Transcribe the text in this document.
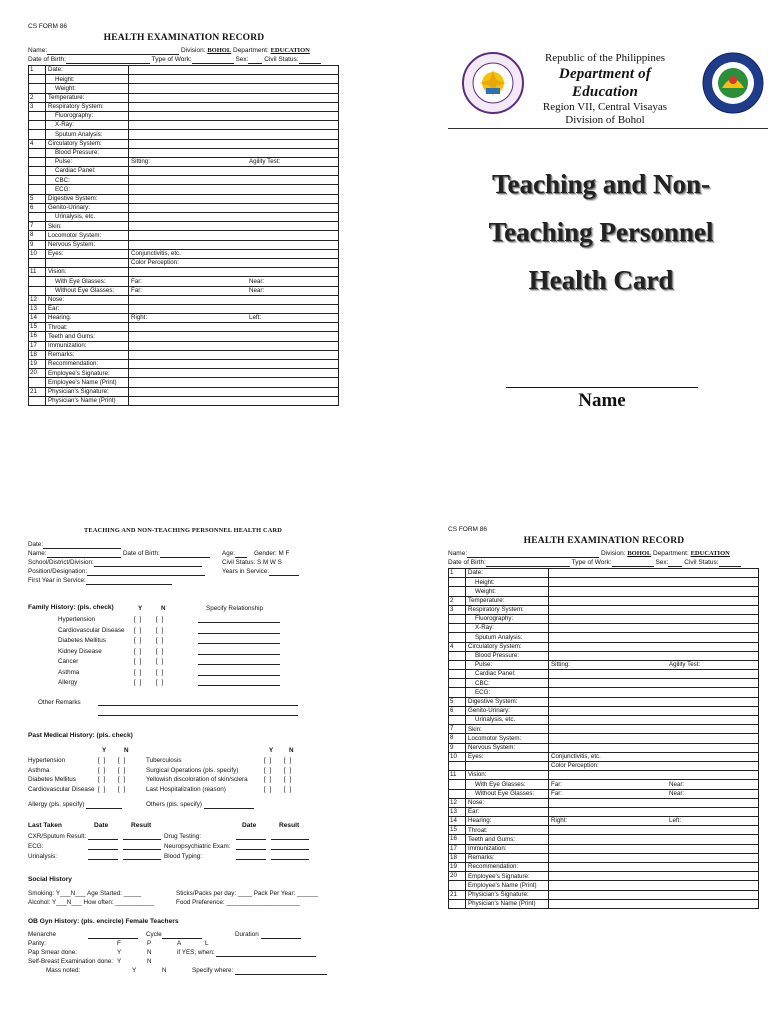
CS FORM 86
HEALTH EXAMINATION RECORD
Name:	Division: BOHOL Department: EDUCATION
Date of Birth:	Type of Work:	Sex: Civil Status:
1	Date:	

	Height:	

	Weight:	

2	Temperature:	

3	Respiratory System:	

	Fluorography:	

	X-Ray:	

	Sputum Analysis:	

4	Circulatory System:	

	Blood Pressure:	

	Pulse:	Sitting: Agility Test:

	Cardiac Panel:	

	CBC:	

	ECG:	

5	Digestive System:	

6	Genito-Urinary:	

	Urinalysis, etc.	

7	Skin:	

8	Locomotor System:	

9	Nervous System:	

10	Eyes:	Conjunctivitis, etc.

		Color Perception:

11	Vision:	

	With Eye Glasses:	Far: Near:

	Without Eye Glasses:	Far: Near:

12	Nose:	

13	Ear:	

14	Hearing:	Right: Left:

15	Throat:	

16	Teeth and Gums:	

17	Immunization:	

18	Remarks:	

19	Recommendation:	

20	Employee's Signature:	

	Employee's Name (Print)	

21	Physician's Signature:	

	Physician's Name (Print)	
Republic of the Philippines
Department of Education
Region VII, Central Visayas
Division of Bohol
Teaching and Non-
Teaching Personnel
Health Card
Name
TEACHING AND NON-TEACHING PERSONNEL HEALTH CARD
Date:
Name:	Date of Birth:	Age:	Gender: M F
School/District/Division:	Civil Status: S M W S
Position/Designation:	Years in Service:
First Year in Service:
Family History: (pls. check)	Y	N	Specify Relationship
Hypertension	[ ] [ ]
Cardiovascular Disease [ ] [ ]
Diabetes Mellitus	[ ] [ ]
Kidney Disease	[ ] [ ]
Cancer	[ ] [ ]
Asthma	[ ] [ ]
Allergy	[ ] [ ]
Other Remarks
Past Medical History: (pls. check)
Y	N	Y	N
Hypertension	[ ] [ ]	Tuberculosis	[ ] [ ]
Asthma	[ ] [ ]	Surgical Operations (pls. specify)	[ ] [ ]
Diabetes Mellitus	[ ] [ ]	Yellowish discoloration of skin/sclera	[ ] [ ]
Cardiovascular Disease [ ] [ ]	Last Hospitalization (reason)	[ ] [ ]
Allergy (pls. specify)	Others (pls. specify)
Last Taken	Date	Result	Date	Result
CXR/Sputum Result:	Drug Testing:
ECG:	Neuropsychiatric Exam:
Urinalysis:	Blood Typing:
Social History
Smoking: Y___N___ Age Started: _____	Sticks/Packs per day: ____ Pack Per Year: ______
Alcohol: Y___N___ How often: ___________	Food Preference: _____________________
OB Gyn History: (pls. encircle) Female Teachers
Menarche	Cycle	Duration
Parity:	F	P	A	L
Pap Smear done:	Y	N	if YES, when:
Self-Breast Examination done: Y	N
Mass noted:	Y	N	Specify where:
CS FORM 86
HEALTH EXAMINATION RECORD
Name:	Division: BOHOL Department: EDUCATION
Date of Birth:	Type of Work:	Sex: Civil Status:
1	Date:	

	Height:	

	Weight:	

2	Temperature:	

3	Respiratory System:	

	Fluorography:	

	X-Ray:	

	Sputum Analysis:	

4	Circulatory System:	

	Blood Pressure:	

	Pulse:	Sitting: Agility Test:

	Cardiac Panel:	

	CBC:	

	ECG:	

5	Digestive System:	

6	Genito-Urinary:	

	Urinalysis, etc.	

7	Skin:	

8	Locomotor System:	

9	Nervous System:	

10	Eyes:	Conjunctivitis, etc.

		Color Perception:

11	Vision:	

	With Eye Glasses:	Far: Near:

	Without Eye Glasses:	Far: Near:

12	Nose:	

13	Ear:	

14	Hearing:	Right: Left:

15	Throat:	

16	Teeth and Gums:	

17	Immunization:	

18	Remarks:	

19	Recommendation:	

20	Employee's Signature:	

	Employee's Name (Print)	

21	Physician's Signature:	

	Physician's Name (Print)	
